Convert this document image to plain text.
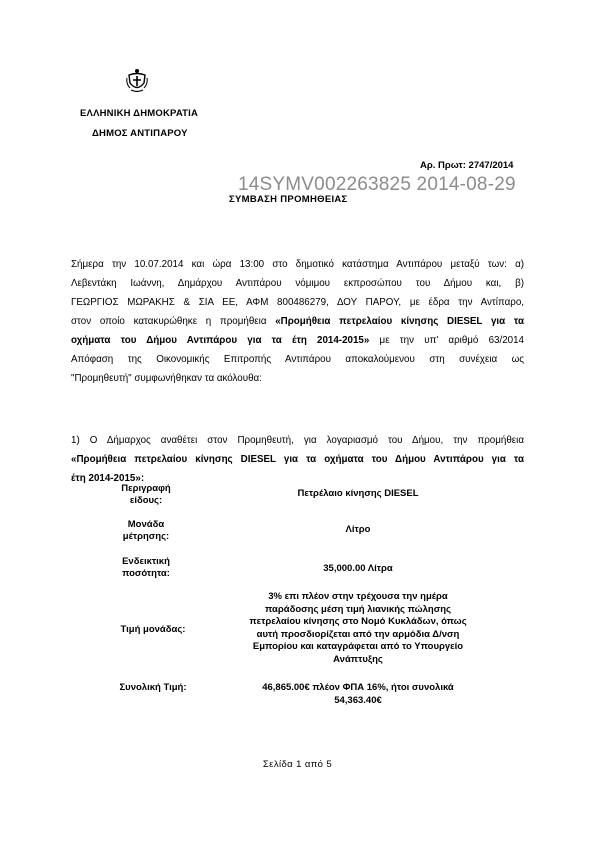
ΕΛΛΗΝΙΚΗ ΔΗΜΟΚΡΑΤΙΑ
ΔΗΜΟΣ ΑΝΤΙΠΑΡΟΥ
Αρ. Πρωτ: 2747/2014
14SYMV002263825 2014-08-29
ΣΥΜΒΑΣΗ ΠΡΟΜΗΘΕΙΑΣ
Σήμερα την 10.07.2014 και ώρα 13:00 στο δημοτικό κατάστημα Αντιπάρου μεταξύ των: α)
Λεβεντάκη Ιωάννη, Δημάρχου Αντιπάρου νόμιμου εκπροσώπου του Δήμου και, β)
ΓΕΩΡΓΙΟΣ ΜΩΡΑΚΗΣ & ΣΙΑ ΕΕ, ΑΦΜ 800486279, ΔΟΥ ΠΑΡΟΥ, με έδρα την Αντίπαρο,
στον οποίο κατακυρώθηκε η προμήθεια «Προμήθεια πετρελαίου κίνησης DIESEL για τα
οχήματα του Δήμου Αντιπάρου για τα έτη 2014-2015» με την υπ' αριθμό 63/2014
Απόφαση της Οικονομικής Επιτροπής Αντιπάρου αποκαλούμενου στη συνέχεια ως
"Προμηθευτή" συμφωνήθηκαν τα ακόλουθα:
1) Ο Δήμαρχος αναθέτει στον Προμηθευτή, για λογαριασμό του Δήμου, την προμήθεια
«Προμήθεια πετρελαίου κίνησης DIESEL για τα οχήματα του Δήμου Αντιπάρου για τα
έτη 2014-2015»:
Περιγραφή
είδους:
Πετρέλαιο κίνησης DIESEL
Μονάδα
μέτρησης:
Λίτρο
Ενδεικτική
ποσότητα:	35,000.00 Λίτρα
Τιμή μονάδας:
3% επι πλέον στην τρέχουσα την ημέρα
παράδοσης μέση τιμή λιανικής πώλησης
πετρελαίου κίνησης στο Νομό Κυκλάδων, όπως
αυτή προσδιορίζεται από την αρμόδια Δ/νση
Εμπορίου και καταγράφεται από το Υπουργείο
Ανάπτυξης
Συνολική Τιμή:	46,865.00€ πλέον ΦΠΑ 16%, ήτοι συνολικά
54,363.40€
Σελίδα 1 από 5
